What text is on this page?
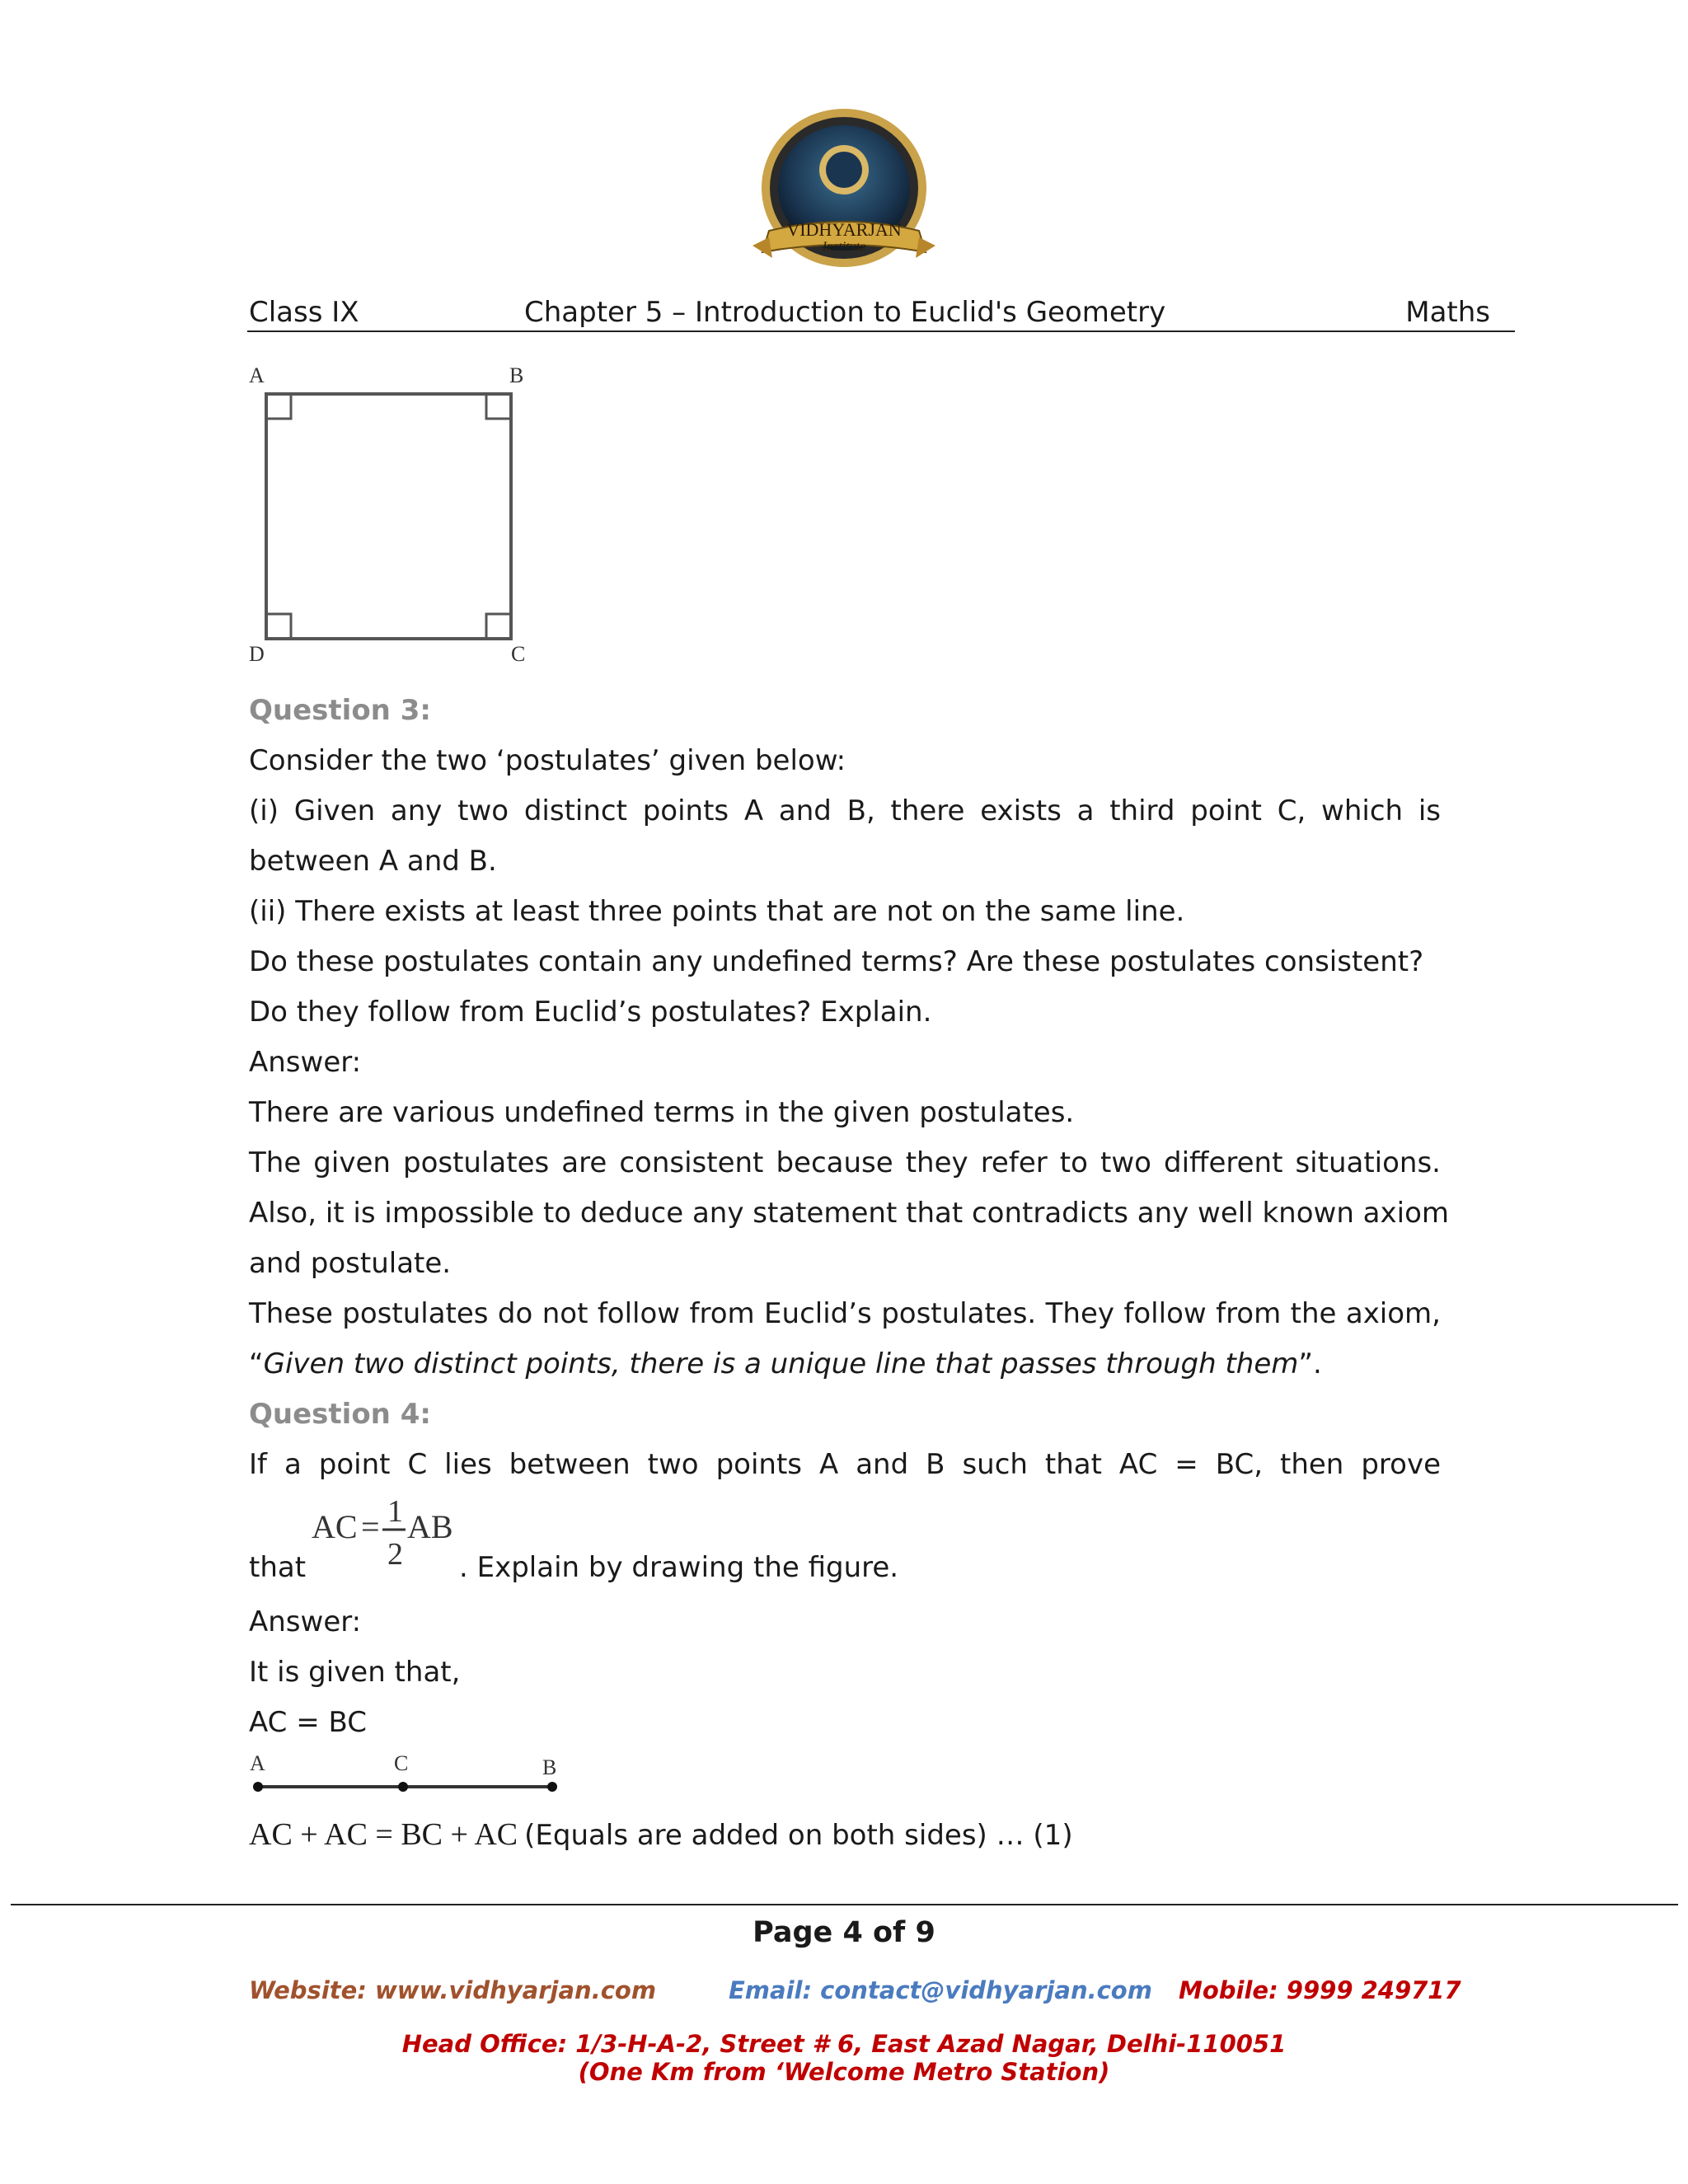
VIDHYARJAN
Institute
Class IX	Chapter 5 – Introduction to Euclid's Geometry	Maths
A	B
D	C
Question 3:
Consider the two ‘postulates’ given below:
(i) Given any two distinct points A and B, there exists a third point C, which is
between A and B.
(ii) There exists at least three points that are not on the same line.
Do these postulates contain any undefined terms? Are these postulates consistent?
Do they follow from Euclid’s postulates? Explain.
Answer:
There are various undefined terms in the given postulates.
The given postulates are consistent because they refer to two different situations.
Also, it is impossible to deduce any statement that contradicts any well known axiom
and postulate.
These postulates do not follow from Euclid’s postulates. They follow from the axiom,
“Given two distinct points, there is a unique line that passes through them”.
Question 4:
If a point C lies between two points A and B such that AC = BC, then prove
that
AC = 1
2
AB
. Explain by drawing the figure.
Answer:
It is given that,
AC = BC
A	C	B
AC + AC = BC + AC (Equals are added on both sides) … (1)
Page 4 of 9
Website: www.vidhyarjan.com	Email: contact@vidhyarjan.com Mobile: 9999 249717
Head Office: 1/3-H-A-2, Street # 6, East Azad Nagar, Delhi-110051
(One Km from ‘Welcome Metro Station)
